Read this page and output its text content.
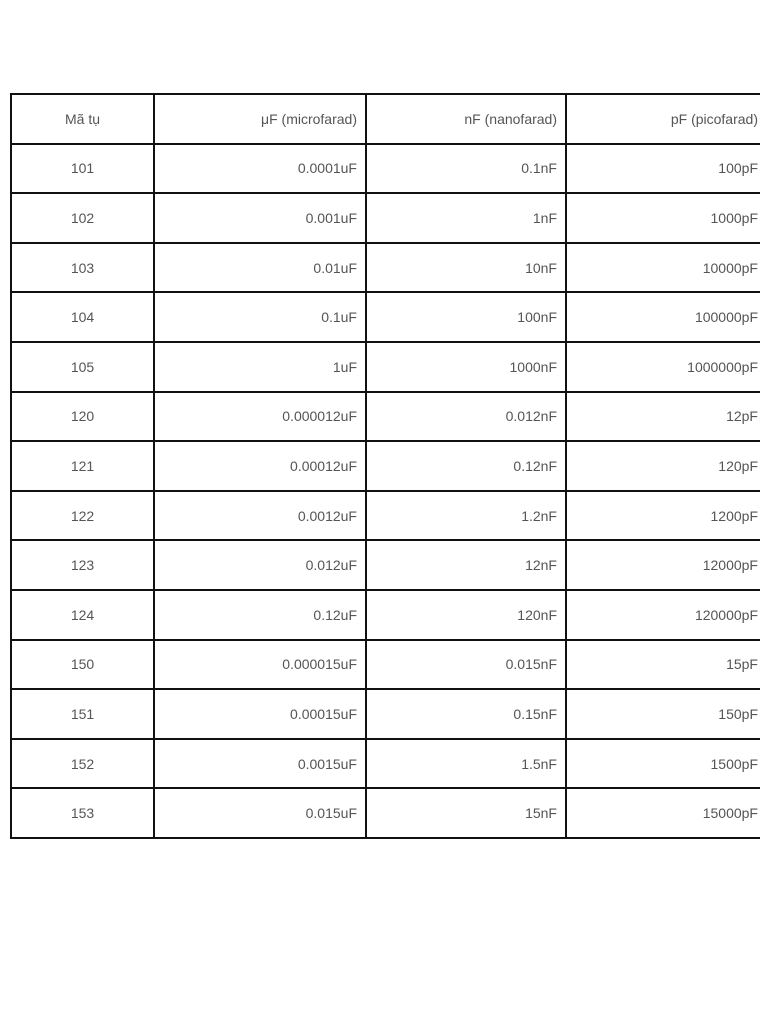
Mã tụ	μF (microfarad)	nF (nanofarad)	pF (picofarad)
101	0.0001uF	0.1nF	100pF
102	0.001uF	1nF	1000pF
103	0.01uF	10nF	10000pF
104	0.1uF	100nF	100000pF
105	1uF	1000nF	1000000pF
120	0.000012uF	0.012nF	12pF
121	0.00012uF	0.12nF	120pF
122	0.0012uF	1.2nF	1200pF
123	0.012uF	12nF	12000pF
124	0.12uF	120nF	120000pF
150	0.000015uF	0.015nF	15pF
151	0.00015uF	0.15nF	150pF
152	0.0015uF	1.5nF	1500pF
153	0.015uF	15nF	15000pF
